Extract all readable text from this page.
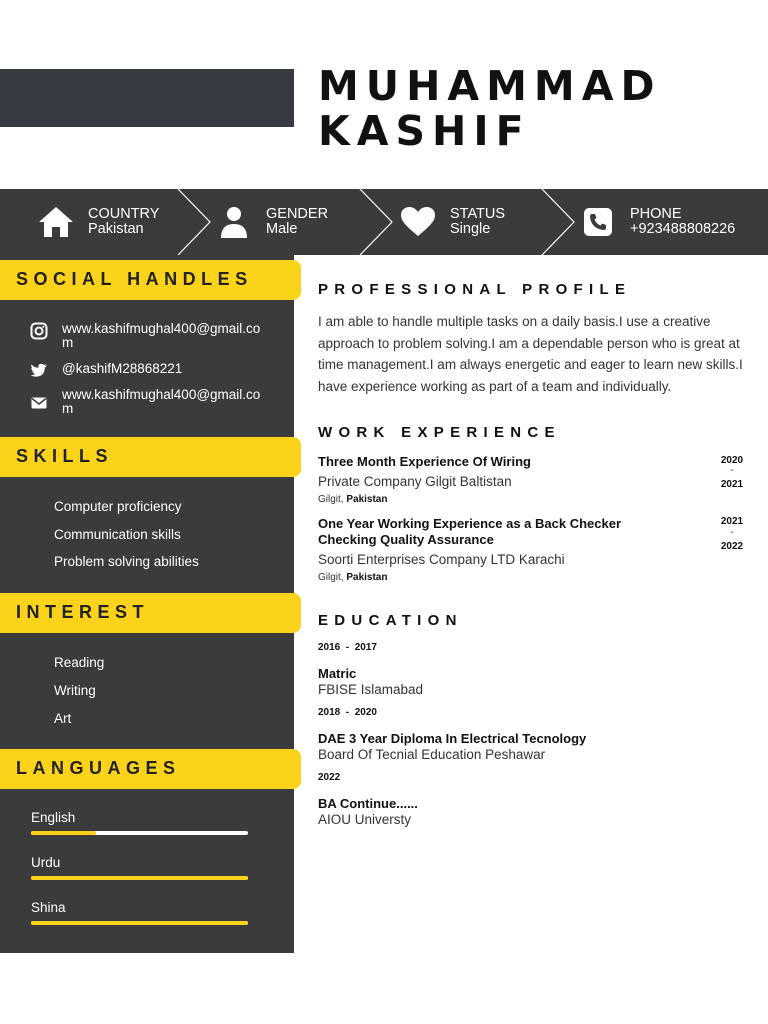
MUHAMMAD
KASHIF
COUNTRY
Pakistan
GENDER
Male
STATUS
Single
PHONE
+923488808226
SOCIAL HANDLES
www.kashifmughal400@gmail.com
@kashifM28868221
www.kashifmughal400@gmail.com
SKILLS
Computer proficiency
Communication skills
Problem solving abilities
INTEREST
Reading
Writing
Art
LANGUAGES
English
Urdu
Shina
PROFESSIONAL PROFILE
I am able to handle multiple tasks on a daily basis.I use a creative approach to problem solving.I am a dependable person who is great at time management.I am always energetic and eager to learn new skills.I have experience working as part of a team and individually.
WORK EXPERIENCE
Three Month Experience Of Wiring
Private Company Gilgit Baltistan
Gilgit, Pakistan
2020
-
2021
One Year Working Experience as a Back Checker Checking Quality Assurance
Soorti Enterprises Company LTD Karachi
Gilgit, Pakistan
2021
-
2022
EDUCATION
2016  -  2017
Matric
FBISE Islamabad
2018  -  2020
DAE 3 Year Diploma In Electrical Tecnology
Board Of Tecnial Education Peshawar
2022
BA Continue......
AIOU Universty
